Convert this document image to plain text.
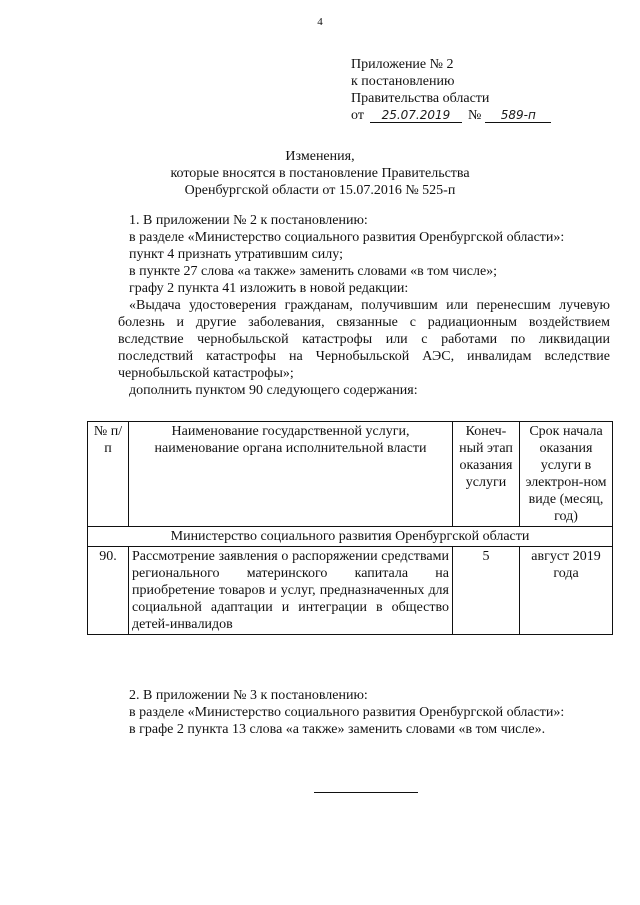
4
Приложение № 2
к постановлению
Правительства области
от 25.07.2019 № 589-п
Изменения,
которые вносятся в постановление Правительства
Оренбургской области от 15.07.2016 № 525-п
1. В приложении № 2 к постановлению:
в разделе «Министерство социального развития Оренбургской области»:
пункт 4 признать утратившим силу;
в пункте 27 слова «а также» заменить словами «в том числе»;
графу 2 пункта 41 изложить в новой редакции:
«Выдача удостоверения гражданам, получившим или перенесшим лучевую болезнь и другие заболевания, связанные с радиационным воздействием вследствие чернобыльской катастрофы или с работами по ликвидации последствий катастрофы на Чернобыльской АЭС, инвалидам вследствие чернобыльской катастрофы»;
дополнить пунктом 90 следующего содержания:
№ п/п	Наименование государственной услуги, наименование органа исполнительной власти	Конеч-ный этап оказания услуги	Срок начала оказания услуги в электрон-ном виде (месяц, год)
Министерство социального развития Оренбургской области			
90.	Рассмотрение заявления о распоряжении средствами регионального материнского капитала на приобретение товаров и услуг, предназначенных для социальной адаптации и интеграции в общество детей-инвалидов	5	август 2019 года
2. В приложении № 3 к постановлению:
в разделе «Министерство социального развития Оренбургской области»:
в графе 2 пункта 13 слова «а также» заменить словами «в том числе».
